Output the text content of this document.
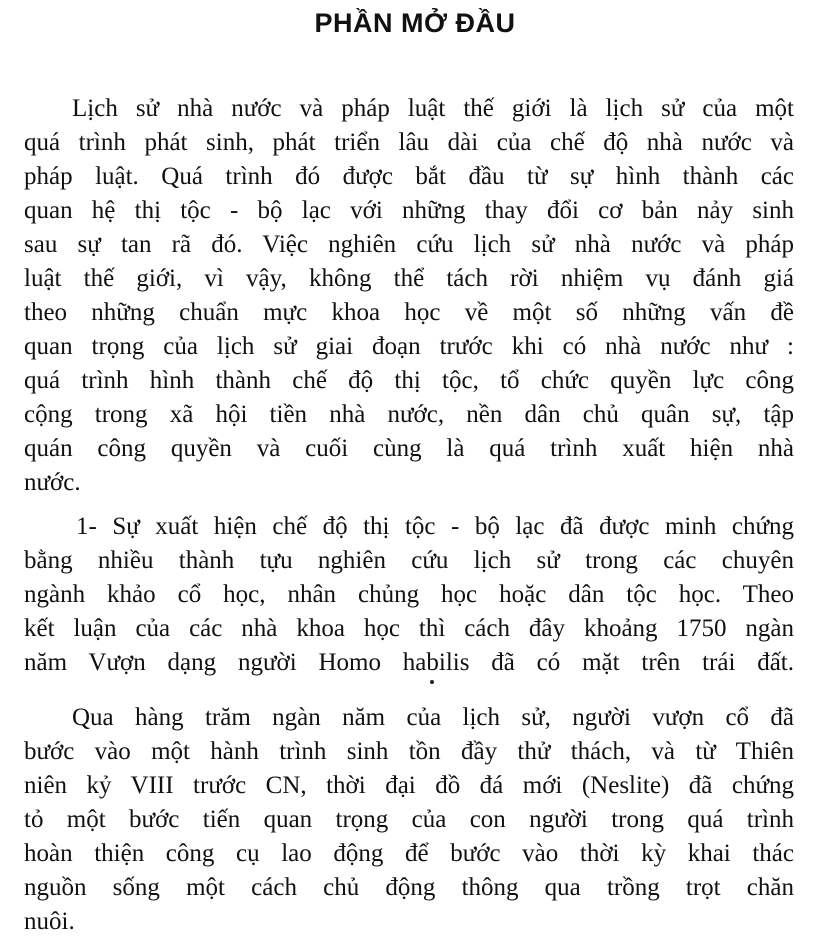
PHẦN MỞ ĐẦU
Lịch sử nhà nước và pháp luật thế giới là lịch sử của một
quá trình phát sinh, phát triển lâu dài của chế độ nhà nước và
pháp luật. Quá trình đó được bắt đầu từ sự hình thành các
quan hệ thị tộc - bộ lạc với những thay đổi cơ bản nảy sinh
sau sự tan rã đó. Việc nghiên cứu lịch sử nhà nước và pháp
luật thế giới, vì vậy, không thể tách rời nhiệm vụ đánh giá
theo những chuẩn mực khoa học về một số những vấn đề
quan trọng của lịch sử giai đoạn trước khi có nhà nước như :
quá trình hình thành chế độ thị tộc, tổ chức quyền lực công
cộng trong xã hội tiền nhà nước, nền dân chủ quân sự, tập
quán công quyền và cuối cùng là quá trình xuất hiện nhà
nước.
1- Sự xuất hiện chế độ thị tộc - bộ lạc đã được minh chứng
bằng nhiều thành tựu nghiên cứu lịch sử trong các chuyên
ngành khảo cổ học, nhân chủng học hoặc dân tộc học. Theo
kết luận của các nhà khoa học thì cách đây khoảng 1750 ngàn
năm Vượn dạng người Homo habilis đã có mặt trên trái đất.
Qua hàng trăm ngàn năm của lịch sử, người vượn cổ đã
bước vào một hành trình sinh tồn đầy thử thách, và từ Thiên
niên kỷ VIII trước CN, thời đại đồ đá mới (Neslite) đã chứng
tỏ một bước tiến quan trọng của con người trong quá trình
hoàn thiện công cụ lao động để bước vào thời kỳ khai thác
nguồn sống một cách chủ động thông qua trồng trọt chăn
nuôi.
